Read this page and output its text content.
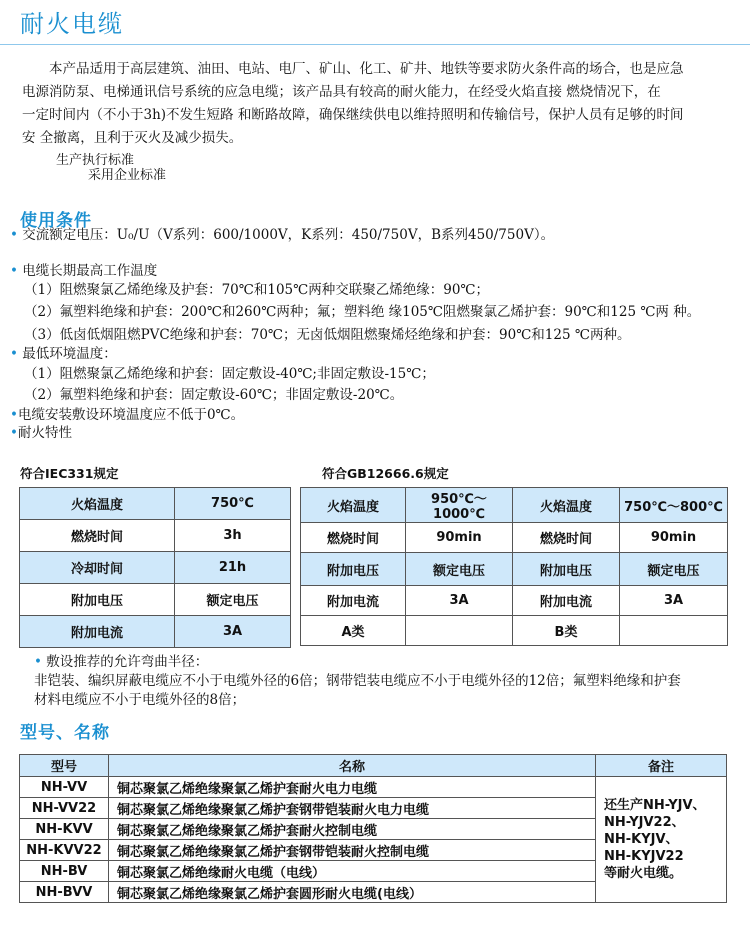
耐火电缆

　　本产品适用于高层建筑、油田、电站、电厂、矿山、化工、矿井、地铁等要求防火条件高的场合，也是应急

电源消防泵、电梯通讯信号系统的应急电缆；该产品具有较高的耐火能力，在经受火焰直接 燃烧情况下，在

一定时间内（不小于3h)不发生短路 和断路故障，确保继续供电以维持照明和传输信号，保护人员有足够的时间

安 全撤离，且利于灭火及减少损失。

生产执行标准
采用企业标准
使用条件
• 交流额定电压：U₀/U（V系列：600/1000V，K系列：450/750V，B系列450/750V）。
• 电缆长期最高工作温度
（1）阻燃聚氯乙烯绝缘及护套：70℃和105℃两种交联聚乙烯绝缘：90℃；
（2）氟塑料绝缘和护套：200℃和260℃两种；氟；塑料绝 缘105℃阻燃聚氯乙烯护套：90℃和125 ℃两 种。
（3）低卤低烟阻燃PVC绝缘和护套：70℃；无卤低烟阻燃聚烯烃绝缘和护套：90℃和125 ℃两种。
• 最低环境温度：
（1）阻燃聚氯乙烯绝缘和护套：固定敷设-40℃;非固定敷设-15℃；
（2）氟塑料绝缘和护套：固定敷设-60℃；非固定敷设-20℃。
•电缆安装敷设环境温度应不低于0℃。
•耐火特性
符合IEC331规定	符合GB12666.6规定
火焰温度	750℃
燃烧时间	3h
冷却时间	21h
附加电压	额定电压
附加电流	3A
火焰温度	950℃～1000℃	火焰温度	750℃～800℃
燃烧时间	90min	燃烧时间	90min
附加电压	额定电压	附加电压	额定电压
附加电流	3A	附加电流	3A
A类		B类	
• 敷设推荐的允许弯曲半径：
非铠装、编织屏蔽电缆应不小于电缆外径的6倍；钢带铠装电缆应不小于电缆外径的12倍；氟塑料绝缘和护套
材料电缆应不小于电缆外径的8倍；
型号、名称
型号	名称	备注
NH-VV	铜芯聚氯乙烯绝缘聚氯乙烯护套耐火电力电缆	还生产NH-YJV、
NH-YJV22、
NH-KYJV、
NH-KYJV22
等耐火电缆。

NH-VV22	铜芯聚氯乙烯绝缘聚氯乙烯护套钢带铠装耐火电力电缆	
NH-KVV	铜芯聚氯乙烯绝缘聚氯乙烯护套耐火控制电缆	
NH-KVV22	铜芯聚氯乙烯绝缘聚氯乙烯护套钢带铠装耐火控制电缆	
NH-BV	铜芯聚氯乙烯绝缘耐火电缆（电线）	
NH-BVV	铜芯聚氯乙烯绝缘聚氯乙烯护套圆形耐火电缆(电线）	
